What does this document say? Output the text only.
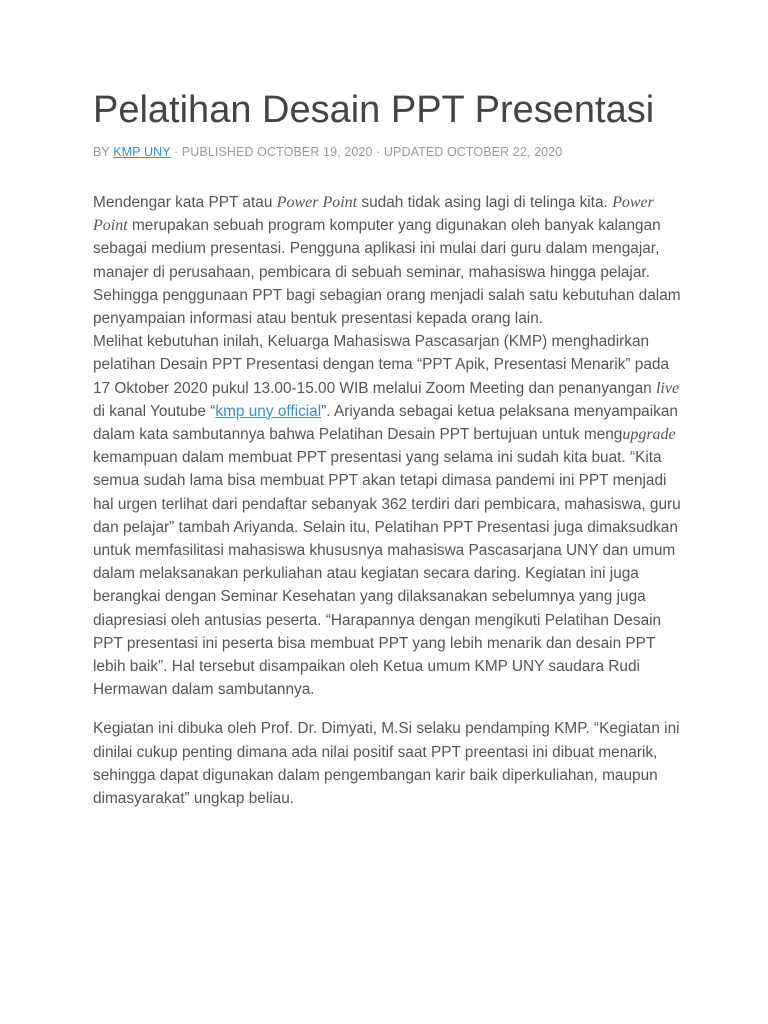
Pelatihan Desain PPT Presentasi
BY KMP UNY · PUBLISHED OCTOBER 19, 2020 · UPDATED OCTOBER 22, 2020

Mendengar kata PPT atau Power Point sudah tidak asing lagi di telinga kita. Power Point merupakan sebuah program komputer yang digunakan oleh banyak kalangan sebagai medium presentasi. Pengguna aplikasi ini mulai dari guru dalam mengajar, manajer di perusahaan, pembicara di sebuah seminar, mahasiswa hingga pelajar. Sehingga penggunaan PPT bagi sebagian orang menjadi salah satu kebutuhan dalam penyampaian informasi atau bentuk presentasi kepada orang lain.

Melihat kebutuhan inilah, Keluarga Mahasiswa Pascasarjan (KMP) menghadirkan pelatihan Desain PPT Presentasi dengan tema “PPT Apik, Presentasi Menarik” pada 17 Oktober 2020 pukul 13.00-15.00 WIB melalui Zoom Meeting dan penanyangan live di kanal Youtube “kmp uny official”. Ariyanda sebagai ketua pelaksana menyampaikan dalam kata sambutannya bahwa Pelatihan Desain PPT bertujuan untuk mengupgrade kemampuan dalam membuat PPT presentasi yang selama ini sudah kita buat. “Kita semua sudah lama bisa membuat PPT akan tetapi dimasa pandemi ini PPT menjadi hal urgen terlihat dari pendaftar sebanyak 362 terdiri dari pembicara, mahasiswa, guru dan pelajar” tambah Ariyanda. Selain itu, Pelatihan PPT Presentasi juga dimaksudkan untuk memfasilitasi mahasiswa khususnya mahasiswa Pascasarjana UNY dan umum dalam melaksanakan perkuliahan atau kegiatan secara daring. Kegiatan ini juga berangkai dengan Seminar Kesehatan yang dilaksanakan sebelumnya yang juga diapresiasi oleh antusias peserta. “Harapannya dengan mengikuti Pelatihan Desain PPT presentasi ini peserta bisa membuat PPT yang lebih menarik dan desain PPT lebih baik”. Hal tersebut disampaikan oleh Ketua umum KMP UNY saudara Rudi Hermawan dalam sambutannya.

Kegiatan ini dibuka oleh Prof. Dr. Dimyati, M.Si selaku pendamping KMP. “Kegiatan ini dinilai cukup penting dimana ada nilai positif saat PPT preentasi ini dibuat menarik, sehingga dapat digunakan dalam pengembangan karir baik diperkuliahan, maupun dimasyarakat” ungkap beliau.
